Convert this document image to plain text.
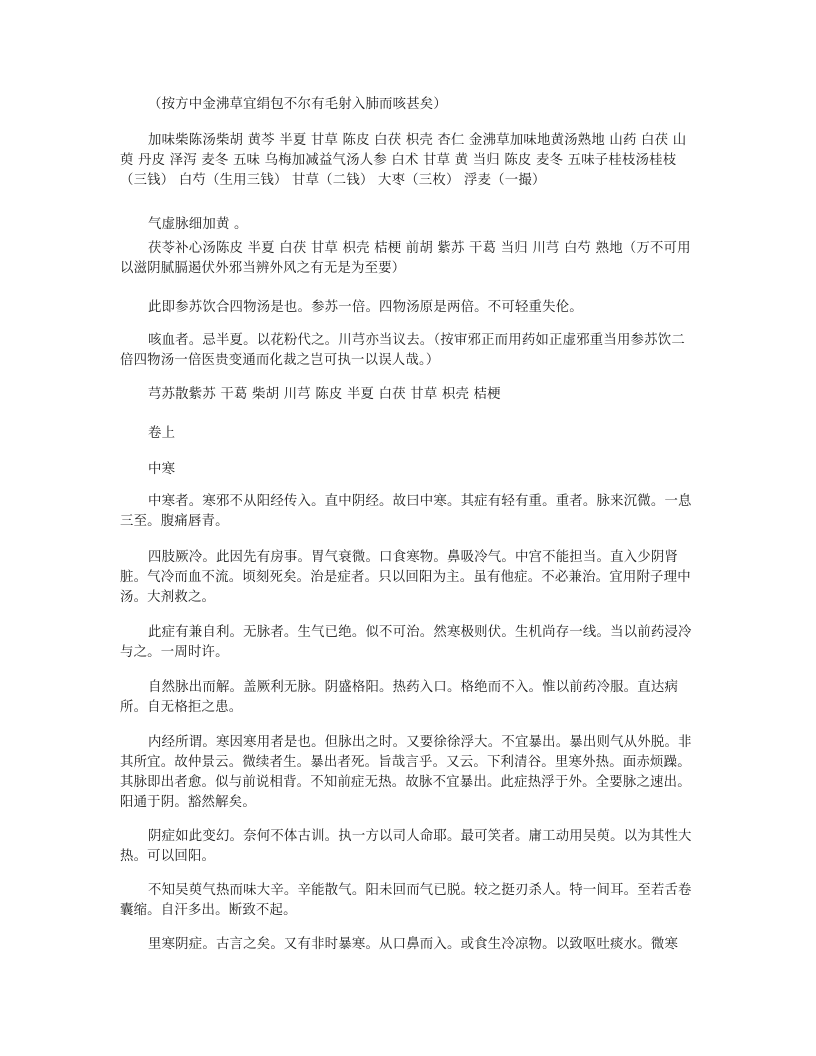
（按方中金沸草宜绢包不尔有毛射入肺而咳甚矣）

加味柴陈汤柴胡 黄芩 半夏 甘草 陈皮 白茯 枳壳 杏仁 金沸草加味地黄汤熟地 山药 白茯 山萸 丹皮 泽泻 麦冬 五味 乌梅加减益气汤人参 白术 甘草 黄 当归 陈皮 麦冬 五味子桂枝汤桂枝（三钱） 白芍（生用三钱） 甘草（二钱） 大枣（三枚） 浮麦（一撮）

气虚脉细加黄 。

茯苓补心汤陈皮 半夏 白茯 甘草 枳壳 桔梗 前胡 紫苏 干葛 当归 川芎 白芍 熟地（万不可用以滋阴腻膈遏伏外邪当辨外风之有无是为至要）

此即参苏饮合四物汤是也。参苏一倍。四物汤原是两倍。不可轻重失伦。

咳血者。忌半夏。以花粉代之。川芎亦当议去。（按审邪正而用药如正虚邪重当用参苏饮二倍四物汤一倍医贵变通而化裁之岂可执一以误人哉。）

芎苏散紫苏 干葛 柴胡 川芎 陈皮 半夏 白茯 甘草 枳壳 桔梗

卷上

中寒

中寒者。寒邪不从阳经传入。直中阴经。故曰中寒。其症有轻有重。重者。脉来沉微。一息三至。腹痛唇青。

四肢厥冷。此因先有房事。胃气衰微。口食寒物。鼻吸冷气。中宫不能担当。直入少阴肾脏。气冷而血不流。顷刻死矣。治是症者。只以回阳为主。虽有他症。不必兼治。宜用附子理中汤。大剂救之。

此症有兼自利。无脉者。生气已绝。似不可治。然寒极则伏。生机尚存一线。当以前药浸冷与之。一周时许。

自然脉出而解。盖厥利无脉。阴盛格阳。热药入口。格绝而不入。惟以前药冷服。直达病所。自无格拒之患。

内经所谓。寒因寒用者是也。但脉出之时。又要徐徐浮大。不宜暴出。暴出则气从外脱。非其所宜。故仲景云。微续者生。暴出者死。旨哉言乎。又云。下利清谷。里寒外热。面赤烦躁。其脉即出者愈。似与前说相背。不知前症无热。故脉不宜暴出。此症热浮于外。全要脉之速出。阳通于阴。豁然解矣。

阴症如此变幻。奈何不体古训。执一方以司人命耶。最可笑者。庸工动用吴萸。以为其性大热。可以回阳。

不知吴萸气热而味大辛。辛能散气。阳未回而气已脱。较之挺刃杀人。特一间耳。至若舌卷囊缩。自汗多出。断致不起。

里寒阴症。古言之矣。又有非时暴寒。从口鼻而入。或食生冷凉物。以致呕吐痰水。微寒
